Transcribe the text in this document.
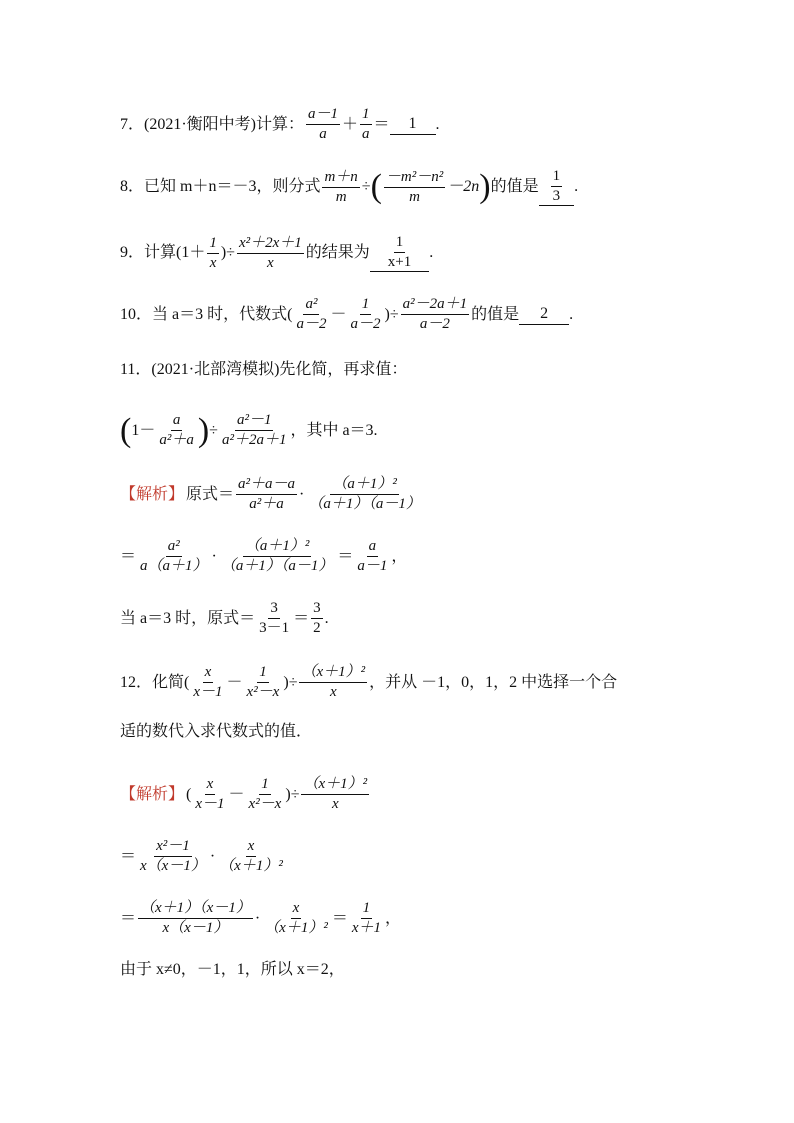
7．(2021·衡阳中考)计算： $\frac{a-1}{a} + \frac{1}{a}$ ＝	1	.
8．已知 m＋n＝－3，则分式 $\frac{m+n}{m}$ ÷ ( $\frac{\text{－m²－n²}}{m} -2n$ ) 的值是 $\frac{1}{3}$ .
9．计算($1+ \frac{1}{x}$ )÷ $\frac{\text{x²＋2x＋1}}{x}$ 的结果为 $\frac{1}{x+1}$ .
10．当 a＝3 时，代数式( $\frac{\text{a²}}{a-2} - \frac{1}{a-2}$ )÷ $\frac{\text{a²－2a＋1}}{a-2}$ 的值是	2	.
11．(2021·北部湾模拟)先化简，再求值：
( $1- \frac{a}{\text{a²＋a}}$ ) ÷ $\frac{\text{a²－1}}{\text{a²＋2a＋1}}$ ，其中 a＝3.
【解析】 原式＝ $\frac{\text{a²＋a－a}}{\text{a²＋a}} \cdot \frac{\text{（a＋1）²}}{(a+1)(a-1)}$
＝ $\frac{\text{a²}}{a(a+1)} \cdot \frac{\text{（a＋1）²}}{(a+1)(a-1)} = \frac{a}{a-1}$ ，
当 a＝3 时，原式＝ $\frac{3}{3-1} = \frac{3}{2}$ .
12．化简( $\frac{x}{x-1} - \frac{1}{\text{x²－x}}$ )÷ $\frac{\text{（x＋1）²}}{x}$ ，并从 －1，0，1，2 中选择一个合
适的数代入求代数式的值．
【解析】 ( $\frac{x}{x-1} - \frac{1}{\text{x²－x}}$ )÷ $\frac{\text{（x＋1）²}}{x}$
＝ $\frac{\text{x²－1}}{x(x-1)} \cdot \frac{x}{\text{（x＋1）²}}$
＝ $\frac{(x+1)(x-1)}{x(x-1)} \cdot \frac{x}{\text{（x＋1）²}} = \frac{1}{x+1}$ ，
由于 x≠0，－1，1，所以 x＝2，
